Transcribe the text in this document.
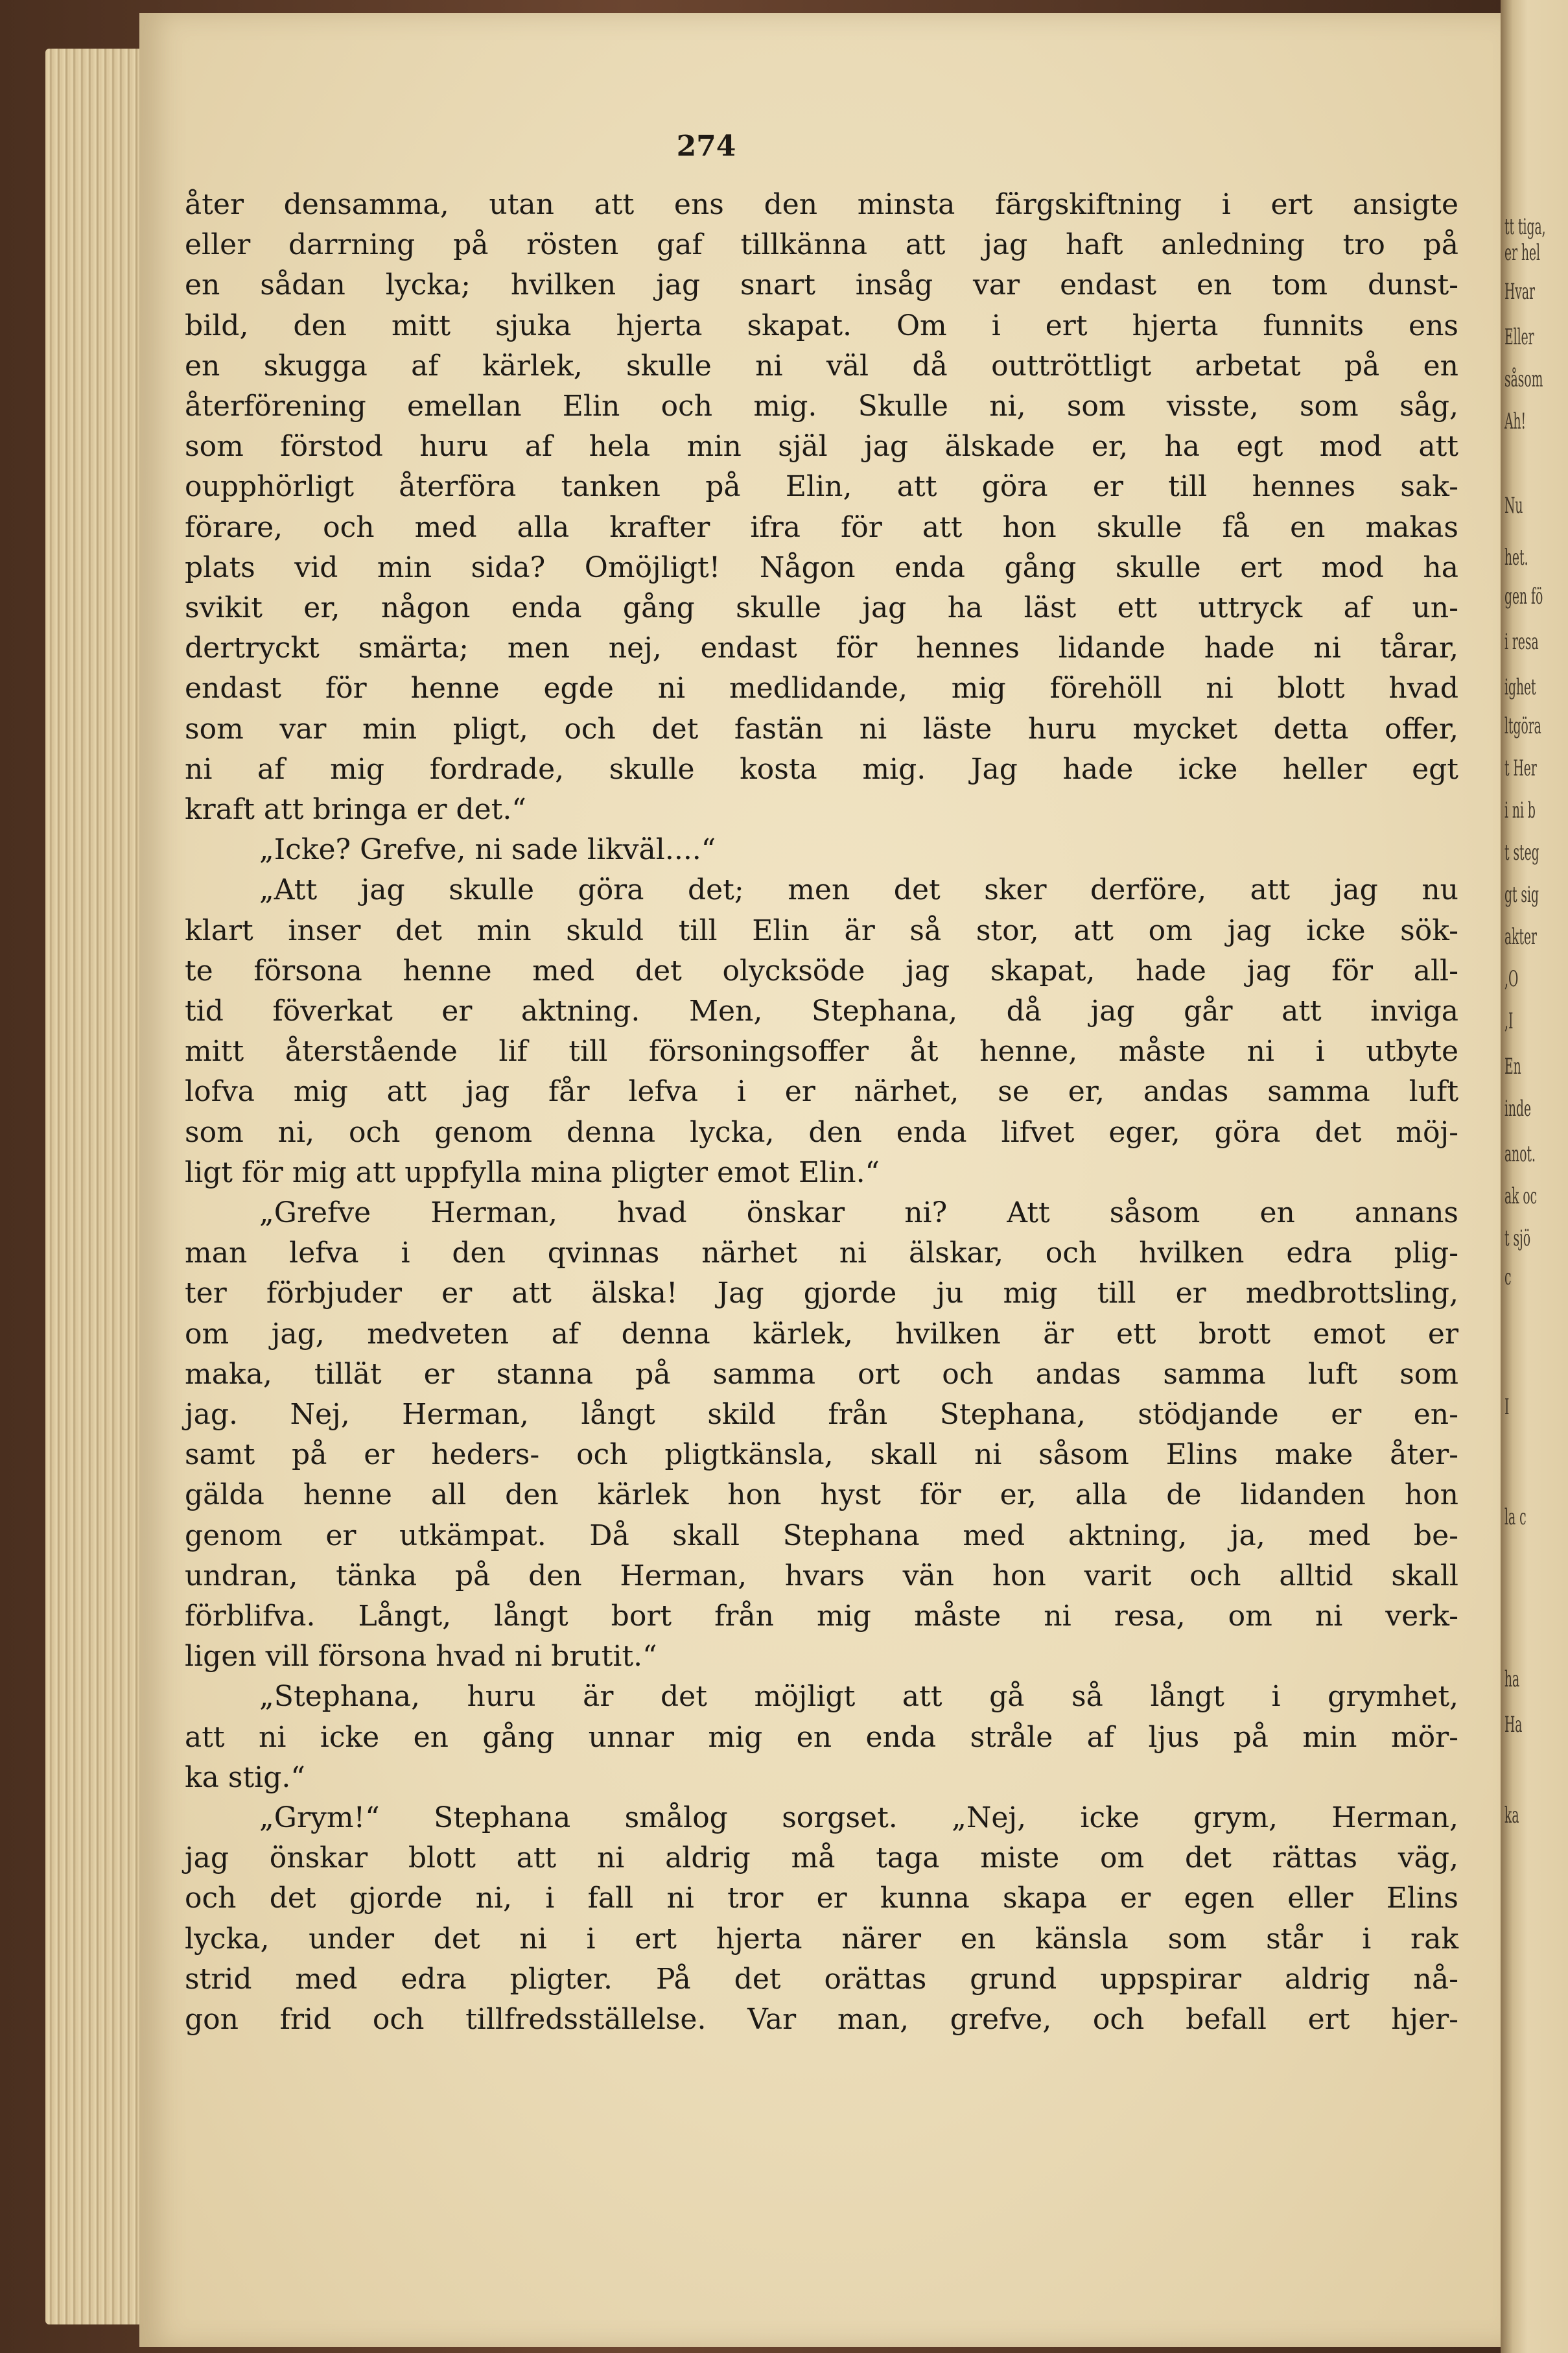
tt tiga,
er hel
Hvar
Eller
såsom
Ah!
Nu
het.
gen fö
i resa
ighet
ltgöra
t Her
i ni b
t steg
gt sig
akter
,O
,I
En
inde
anot.
ak oc
t sjö
c
I
la c
ha
Ha
ka
274
åter densamma, utan att ens den minsta färgskiftning i ert ansigte
eller darrning på rösten gaf tillkänna att jag haft anledning tro på
en sådan lycka; hvilken jag snart insåg var endast en tom dunst-
bild, den mitt sjuka hjerta skapat. Om i ert hjerta funnits ens
en skugga af kärlek, skulle ni väl då outtröttligt arbetat på en
återförening emellan Elin och mig. Skulle ni, som visste, som såg,
som förstod huru af hela min själ jag älskade er, ha egt mod att
oupphörligt återföra tanken på Elin, att göra er till hennes sak-
förare, och med alla krafter ifra för att hon skulle få en makas
plats vid min sida? Omöjligt! Någon enda gång skulle ert mod ha
svikit er, någon enda gång skulle jag ha läst ett uttryck af un-
dertryckt smärta; men nej, endast för hennes lidande hade ni tårar,
endast för henne egde ni medlidande, mig förehöll ni blott hvad
som var min pligt, och det fastän ni läste huru mycket detta offer,
ni af mig fordrade, skulle kosta mig. Jag hade icke heller egt
kraft att bringa er det.“
„Icke? Grefve, ni sade likväl....“
„Att jag skulle göra det; men det sker derföre, att jag nu
klart inser det min skuld till Elin är så stor, att om jag icke sök-
te försona henne med det olycksöde jag skapat, hade jag för all-
tid föverkat er aktning. Men, Stephana, då jag går att inviga
mitt återstående lif till försoningsoffer åt henne, måste ni i utbyte
lofva mig att jag får lefva i er närhet, se er, andas samma luft
som ni, och genom denna lycka, den enda lifvet eger, göra det möj-
ligt för mig att uppfylla mina pligter emot Elin.“
„Grefve Herman, hvad önskar ni? Att såsom en annans
man lefva i den qvinnas närhet ni älskar, och hvilken edra plig-
ter förbjuder er att älska! Jag gjorde ju mig till er medbrottsling,
om jag, medveten af denna kärlek, hvilken är ett brott emot er
maka, tillät er stanna på samma ort och andas samma luft som
jag. Nej, Herman, långt skild från Stephana, stödjande er en-
samt på er heders- och pligtkänsla, skall ni såsom Elins make åter-
gälda henne all den kärlek hon hyst för er, alla de lidanden hon
genom er utkämpat. Då skall Stephana med aktning, ja, med be-
undran, tänka på den Herman, hvars vän hon varit och alltid skall
förblifva. Långt, långt bort från mig måste ni resa, om ni verk-
ligen vill försona hvad ni brutit.“
„Stephana, huru är det möjligt att gå så långt i grymhet,
att ni icke en gång unnar mig en enda stråle af ljus på min mör-
ka stig.“
„Grym!“ Stephana smålog sorgset. „Nej, icke grym, Herman,
jag önskar blott att ni aldrig må taga miste om det rättas väg,
och det gjorde ni, i fall ni tror er kunna skapa er egen eller Elins
lycka, under det ni i ert hjerta närer en känsla som står i rak
strid med edra pligter. På det orättas grund uppspirar aldrig nå-
gon frid och tillfredsställelse. Var man, grefve, och befall ert hjer-
